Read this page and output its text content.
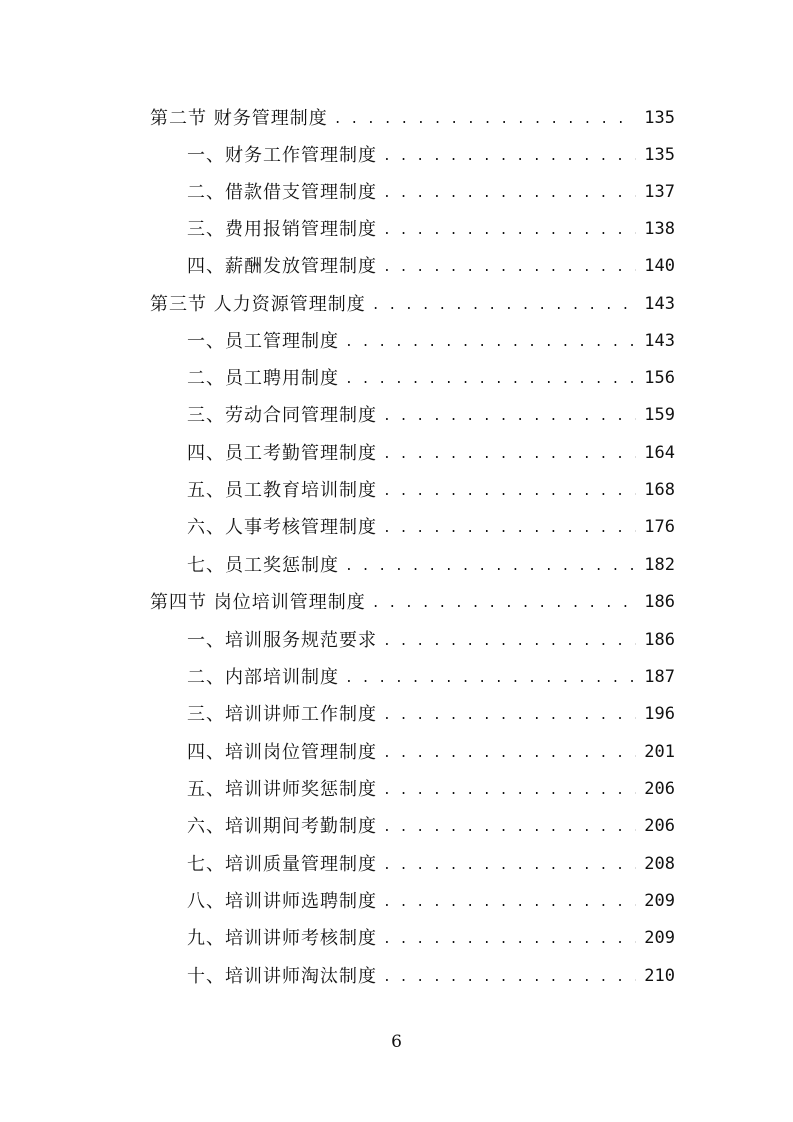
第二节 财务管理制度 . . .	135
一、财务工作管理制度 . . .	135
二、借款借支管理制度 . . .	137
三、费用报销管理制度 . . .	138
四、薪酬发放管理制度 . . .	140
第三节 人力资源管理制度 . . .	143
一、员工管理制度 . . .	143
二、员工聘用制度 . . .	156
三、劳动合同管理制度 . . .	159
四、员工考勤管理制度 . . .	164
五、员工教育培训制度 . . .	168
六、人事考核管理制度 . . .	176
七、员工奖惩制度 . . .	182
第四节 岗位培训管理制度 . . .	186
一、培训服务规范要求 . . .	186
二、内部培训制度 . . .	187
三、培训讲师工作制度 . . .	196
四、培训岗位管理制度 . . .	201
五、培训讲师奖惩制度 . . .	206
六、培训期间考勤制度 . . .	206
七、培训质量管理制度 . . .	208
八、培训讲师选聘制度 . . .	209
九、培训讲师考核制度 . . .	209
十、培训讲师淘汰制度 . . .	210
6
